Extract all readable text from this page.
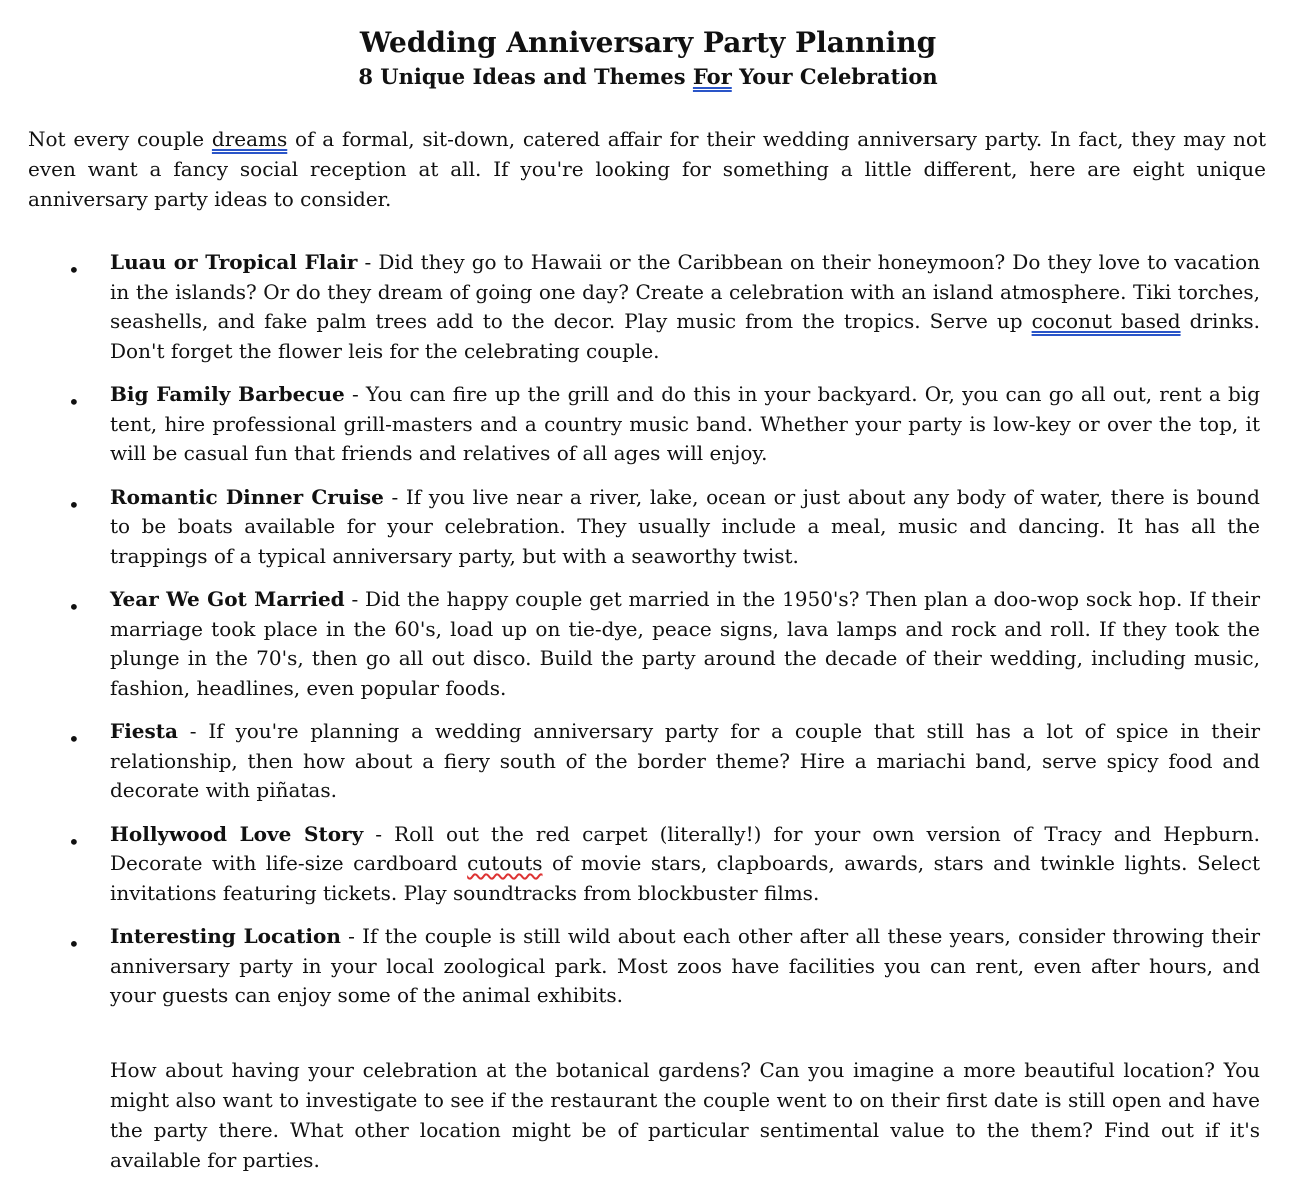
Wedding Anniversary Party Planning
8 Unique Ideas and Themes For Your Celebration

Not every couple dreams of a formal, sit-down, catered affair for their wedding anniversary party. In fact, they may not even want a fancy social reception at all. If you're looking for something a little different, here are eight unique anniversary party ideas to consider.

• Luau or Tropical Flair - Did they go to Hawaii or the Caribbean on their honeymoon? Do they love to vacation in the islands? Or do they dream of going one day? Create a celebration with an island atmosphere. Tiki torches, seashells, and fake palm trees add to the decor. Play music from the tropics. Serve up coconut based drinks. Don't forget the flower leis for the celebrating couple.
• Big Family Barbecue - You can fire up the grill and do this in your backyard. Or, you can go all out, rent a big tent, hire professional grill-masters and a country music band. Whether your party is low-key or over the top, it will be casual fun that friends and relatives of all ages will enjoy.
• Romantic Dinner Cruise - If you live near a river, lake, ocean or just about any body of water, there is bound to be boats available for your celebration. They usually include a meal, music and dancing. It has all the trappings of a typical anniversary party, but with a seaworthy twist.
• Year We Got Married - Did the happy couple get married in the 1950's? Then plan a doo-wop sock hop. If their marriage took place in the 60's, load up on tie-dye, peace signs, lava lamps and rock and roll. If they took the plunge in the 70's, then go all out disco. Build the party around the decade of their wedding, including music, fashion, headlines, even popular foods.
• Fiesta - If you're planning a wedding anniversary party for a couple that still has a lot of spice in their relationship, then how about a fiery south of the border theme? Hire a mariachi band, serve spicy food and decorate with piñatas.
• Hollywood Love Story - Roll out the red carpet (literally!) for your own version of Tracy and Hepburn. Decorate with life-size cardboard cutouts of movie stars, clapboards, awards, stars and twinkle lights. Select invitations featuring tickets. Play soundtracks from blockbuster films.
• Interesting Location - If the couple is still wild about each other after all these years, consider throwing their anniversary party in your local zoological park. Most zoos have facilities you can rent, even after hours, and your guests can enjoy some of the animal exhibits.

How about having your celebration at the botanical gardens? Can you imagine a more beautiful location? You might also want to investigate to see if the restaurant the couple went to on their first date is still open and have the party there. What other location might be of particular sentimental value to the them? Find out if it's available for parties.
